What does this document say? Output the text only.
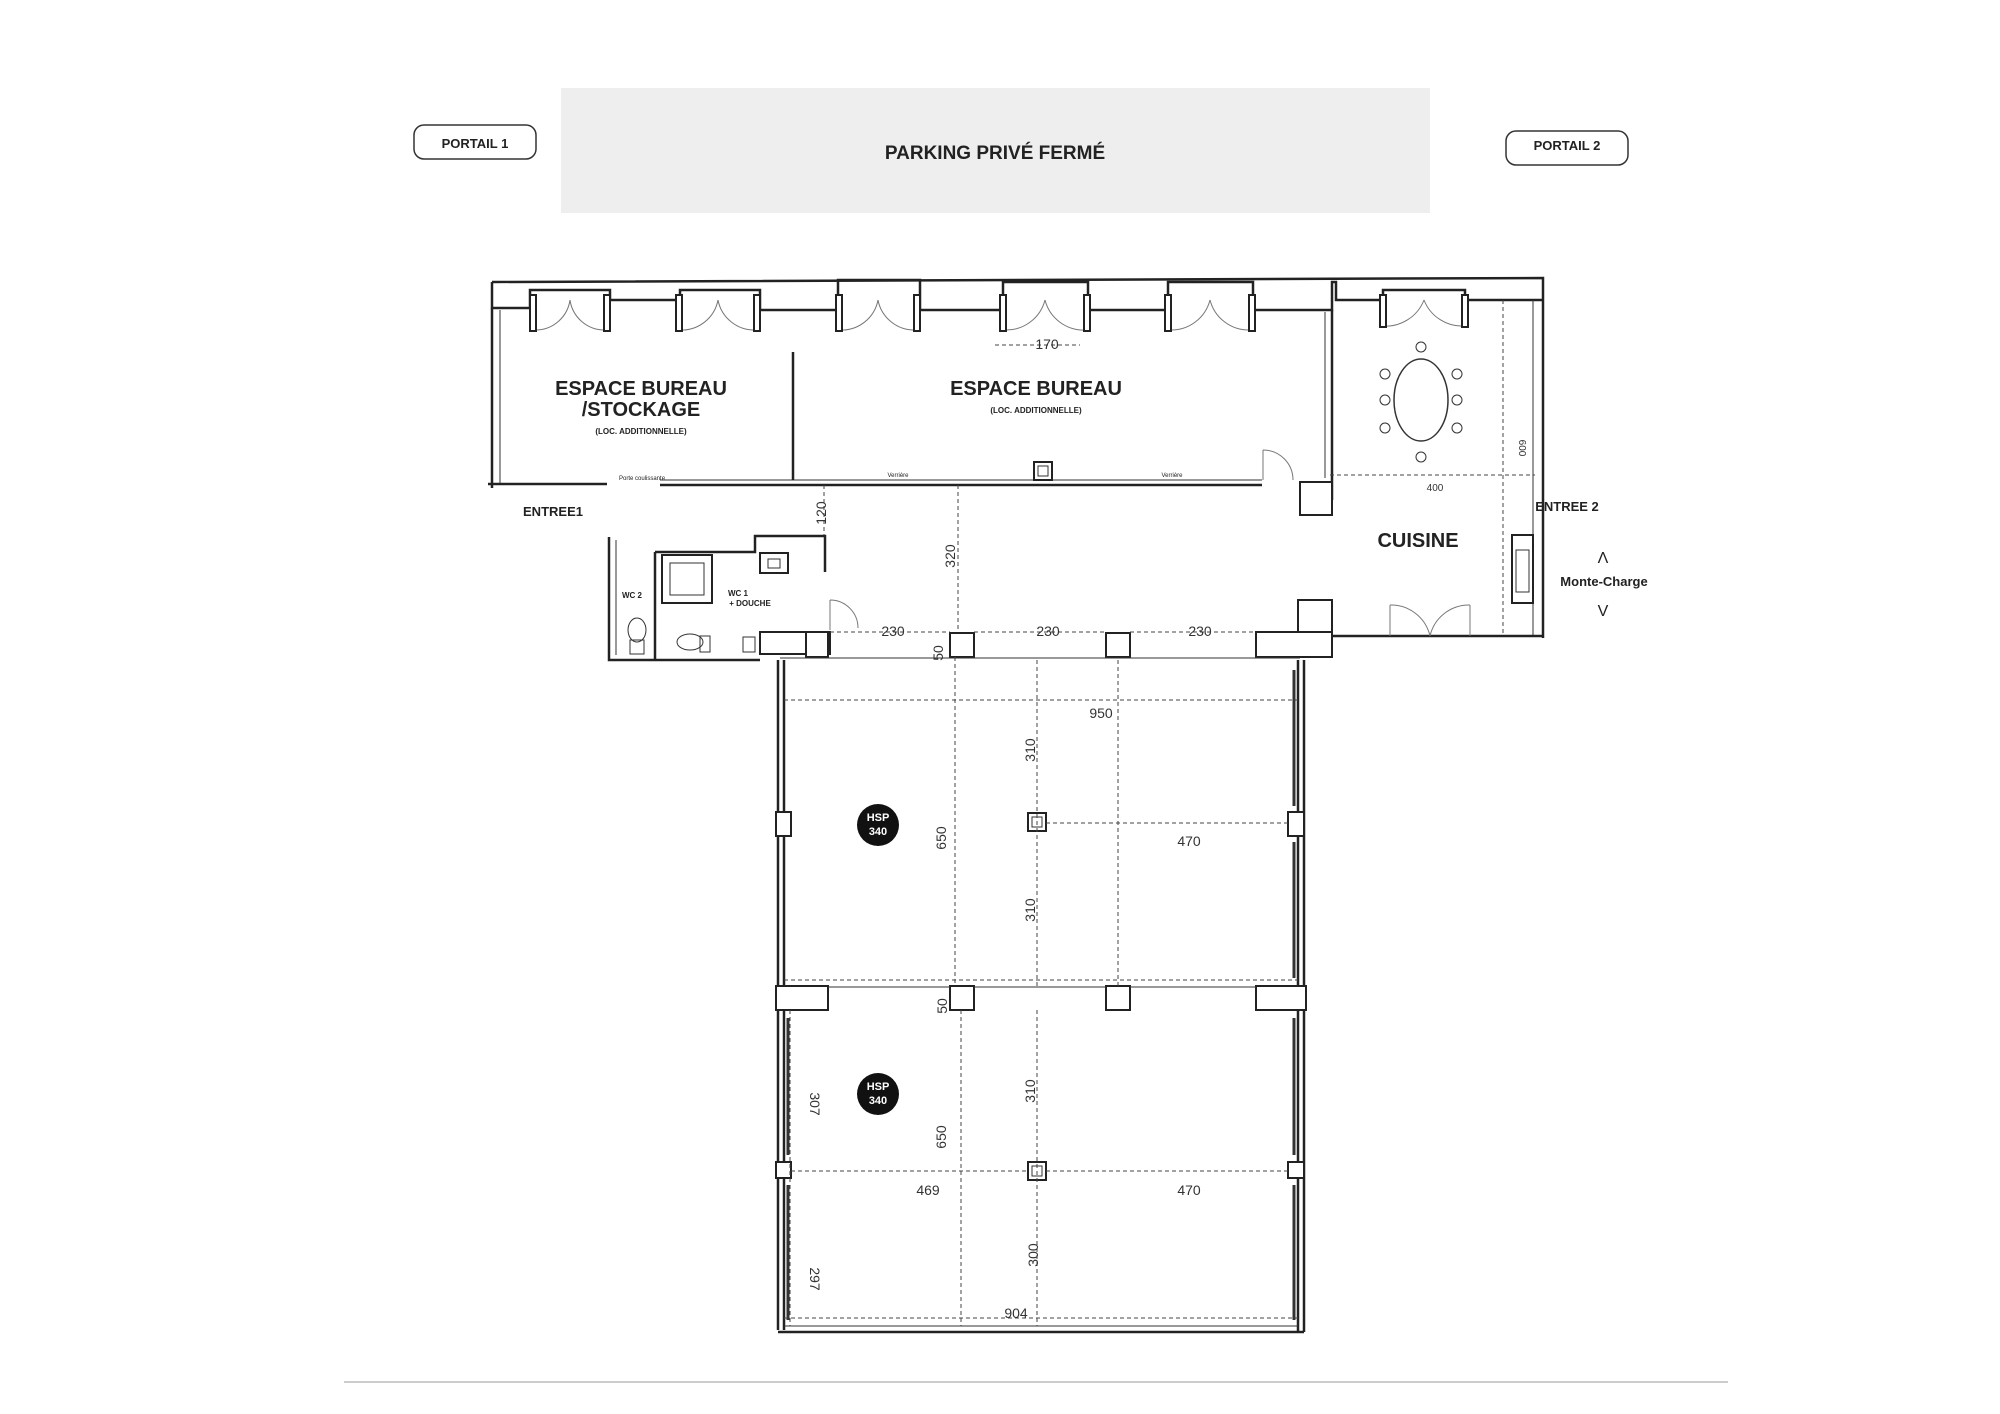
PARKING PRIVÉ FERMÉ
PORTAIL 1	PORTAIL 2
HSP
340
HSP
340
ESPACE BUREAU
/STOCKAGE
(LOC. ADDITIONNELLE)
ESPACE BUREAU
(LOC. ADDITIONNELLE)
CUISINE
WC 2	WC 1
+ DOUCHE
ENTREE1	ENTREE 2
Λ
Monte-Charge
V
Porte coulissante	Verrière	Verrière
170
400
600
120
320
230	230	230
50
950
310
650	470
310
50
310
307
650
469	470
300
297
904
